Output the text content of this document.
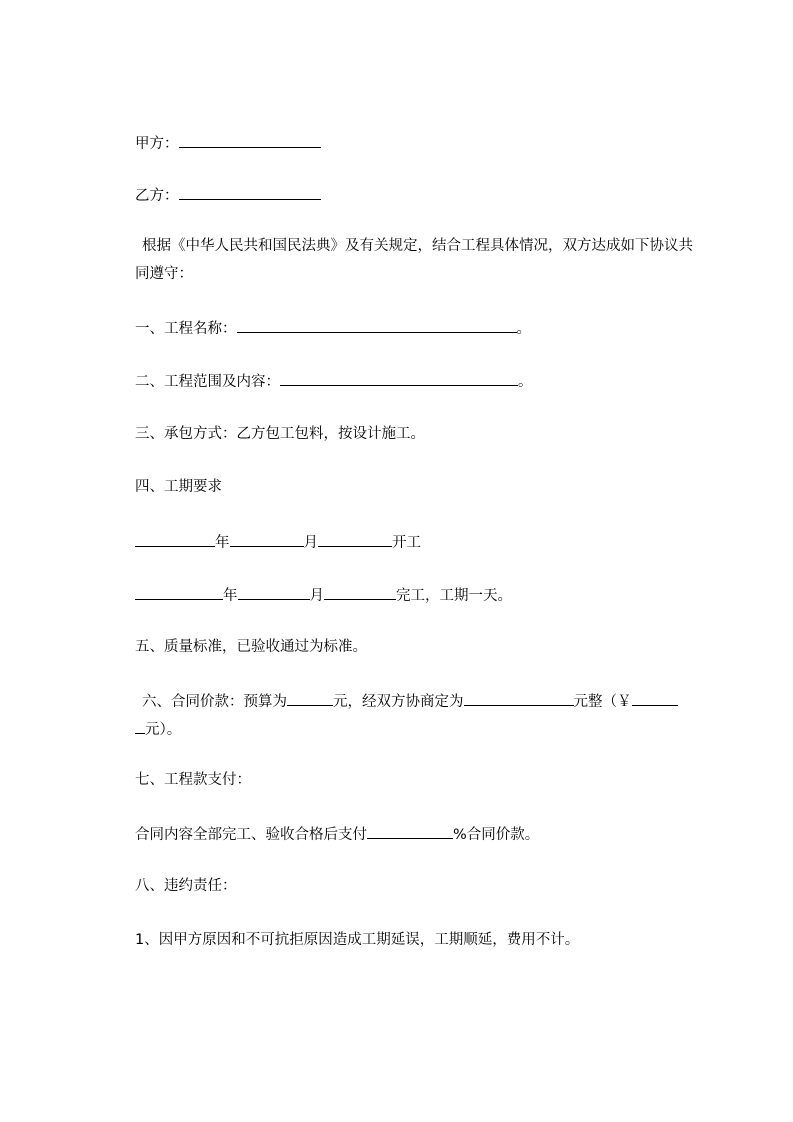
甲方：
乙方：
根据《中华人民共和国民法典》及有关规定，结合工程具体情况，双方达成如下协议共同遵守：
一、工程名称：	。
二、工程范围及内容：	。
三、承包方式：乙方包工包料，按设计施工。
四、工期要求
年	月	开工
年	月	完工，工期一天。
五、质量标准，已验收通过为标准。
六、合同价款：预算为	元，经双方协商定为	元整（￥
元）。
七、工程款支付：
合同内容全部完工、验收合格后支付	%合同价款。
八、违约责任：
1、因甲方原因和不可抗拒原因造成工期延误，工期顺延，费用不计。
